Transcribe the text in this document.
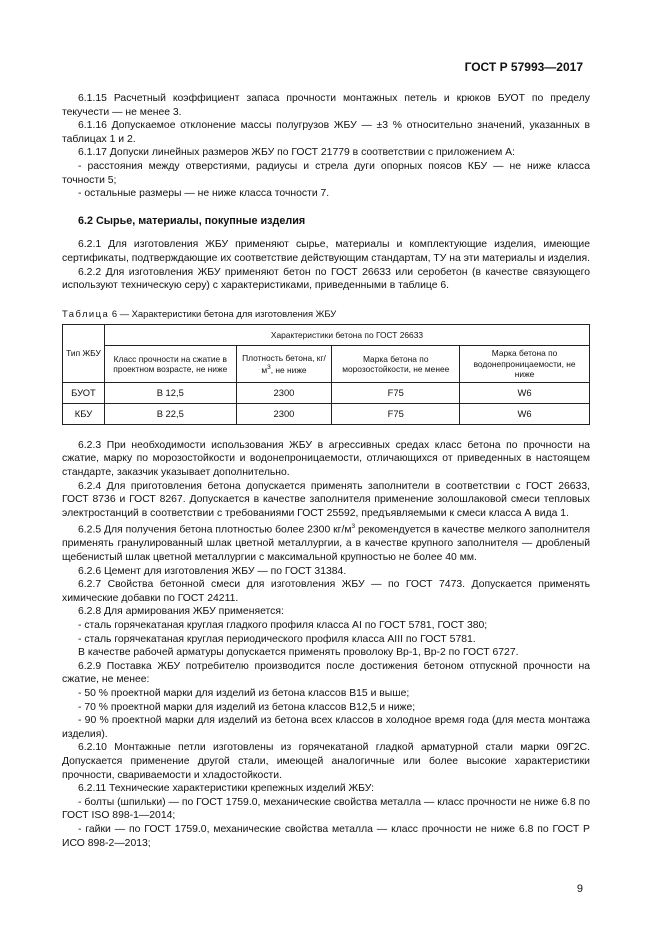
ГОСТ Р 57993—2017

6.1.15 Расчетный коэффициент запаса прочности монтажных петель и крюков БУОТ по пределу текучести — не менее 3.

6.1.16 Допускаемое отклонение массы полугрузов ЖБУ — ±3 % относительно значений, указанных в таблицах 1 и 2.

6.1.17 Допуски линейных размеров ЖБУ по ГОСТ 21779 в соответствии с приложением А:

- расстояния между отверстиями, радиусы и стрела дуги опорных поясов КБУ — не ниже класса точности 5;

- остальные размеры — не ниже класса точности 7.

6.2 Сырье, материалы, покупные изделия

6.2.1 Для изготовления ЖБУ применяют сырье, материалы и комплектующие изделия, имеющие сертификаты, подтверждающие их соответствие действующим стандартам, ТУ на эти материалы и изделия.

6.2.2 Для изготовления ЖБУ применяют бетон по ГОСТ 26633 или серобетон (в качестве связующего используют техническую серу) с характеристиками, приведенными в таблице 6.

Таблица 6 — Характеристики бетона для изготовления ЖБУ
Тип ЖБУ	Характеристики бетона по ГОСТ 26633			
	Класс прочности на сжатие в проектном возрасте, не ниже	Плотность бетона, $кг/м^3$, не ниже	Марка бетона по морозостойкости, не менее	Марка бетона по водонепроницаемости, не ниже
БУОТ	В 12,5	2300	F75	W6
КБУ	В 22,5	2300	F75	W6

6.2.3 При необходимости использования ЖБУ в агрессивных средах класс бетона по прочности на сжатие, марку по морозостойкости и водонепроницаемости, отличающихся от приведенных в настоящем стандарте, заказчик указывает дополнительно.

6.2.4 Для приготовления бетона допускается применять заполнители в соответствии с ГОСТ 26633, ГОСТ 8736 и ГОСТ 8267. Допускается в качестве заполнителя применение золошлаковой смеси тепловых электростанций в соответствии с требованиями ГОСТ 25592, предъявляемыми к смеси класса А вида 1.

6.2.5 Для получения бетона плотностью более 2300 $кг/м^3$ рекомендуется в качестве мелкого заполнителя применять гранулированный шлак цветной металлургии, а в качестве крупного заполнителя — дробленый щебенистый шлак цветной металлургии с максимальной крупностью не более 40 мм.

6.2.6 Цемент для изготовления ЖБУ — по ГОСТ 31384.

6.2.7 Свойства бетонной смеси для изготовления ЖБУ — по ГОСТ 7473. Допускается применять химические добавки по ГОСТ 24211.

6.2.8 Для армирования ЖБУ применяется:

- сталь горячекатаная круглая гладкого профиля класса AI по ГОСТ 5781, ГОСТ 380;

- сталь горячекатаная круглая периодического профиля класса AIII по ГОСТ 5781.

В качестве рабочей арматуры допускается применять проволоку Вр-1, Вр-2 по ГОСТ 6727.

6.2.9 Поставка ЖБУ потребителю производится после достижения бетоном отпускной прочности на сжатие, не менее:

- 50 % проектной марки для изделий из бетона классов В15 и выше;

- 70 % проектной марки для изделий из бетона классов В12,5 и ниже;

- 90 % проектной марки для изделий из бетона всех классов в холодное время года (для места монтажа изделия).

6.2.10 Монтажные петли изготовлены из горячекатаной гладкой арматурной стали марки 09Г2С. Допускается применение другой стали, имеющей аналогичные или более высокие характеристики прочности, свариваемости и хладостойкости.

6.2.11 Технические характеристики крепежных изделий ЖБУ:

- болты (шпильки) — по ГОСТ 1759.0, механические свойства металла — класс прочности не ниже 6.8 по ГОСТ ISO 898-1—2014;

- гайки — по ГОСТ 1759.0, механические свойства металла — класс прочности не ниже 6.8 по ГОСТ Р ИСО 898-2—2013;

9
